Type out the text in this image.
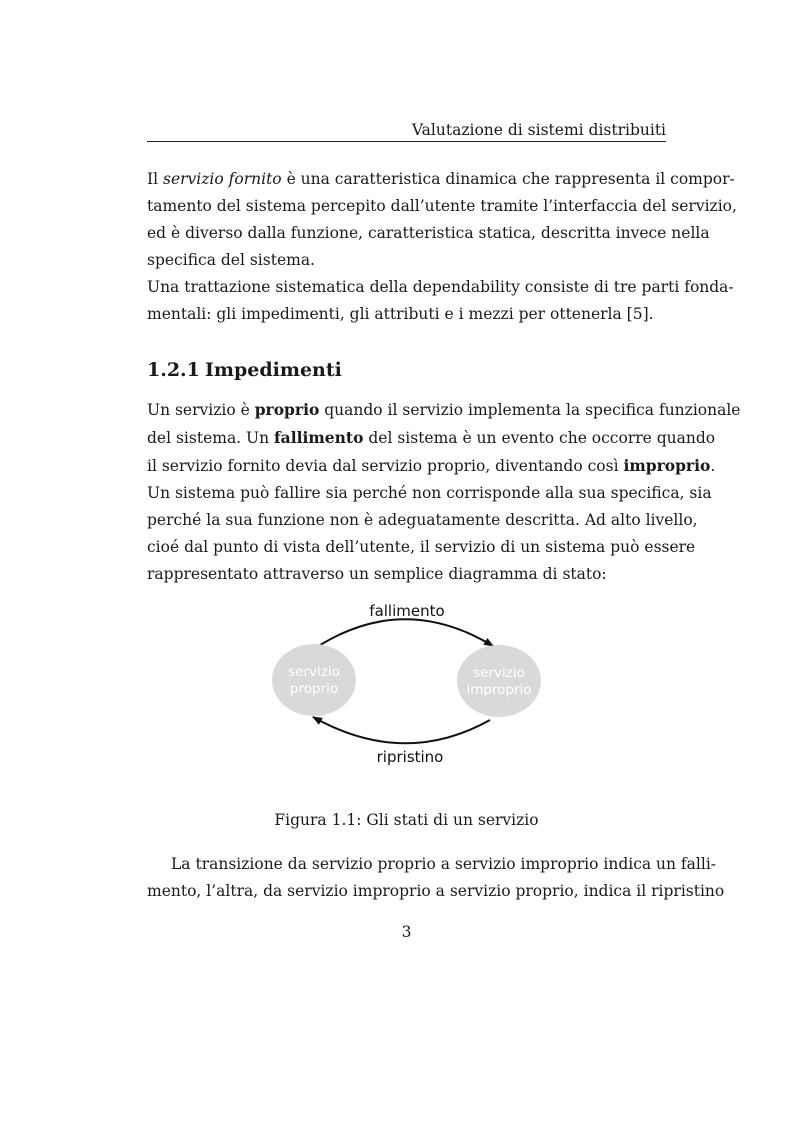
Valutazione di sistemi distribuiti
Il servizio fornito è una caratteristica dinamica che rappresenta il compor-
tamento del sistema percepito dall’utente tramite l’interfaccia del servizio,
ed è diverso dalla funzione, caratteristica statica, descritta invece nella
specifica del sistema.
Una trattazione sistematica della dependability consiste di tre parti fonda-
mentali: gli impedimenti, gli attributi e i mezzi per ottenerla [5].
1.2.1 Impedimenti
Un servizio è proprio quando il servizio implementa la specifica funzionale
del sistema. Un fallimento del sistema è un evento che occorre quando
il servizio fornito devia dal servizio proprio, diventando così improprio.
Un sistema può fallire sia perché non corrisponde alla sua specifica, sia
perché la sua funzione non è adeguatamente descritta. Ad alto livello,
cioé dal punto di vista dell’utente, il servizio di un sistema può essere
rappresentato attraverso un semplice diagramma di stato:
fallimento
servizio
proprio
servizio
improprio
ripristino
Figura 1.1: Gli stati di un servizio
La transizione da servizio proprio a servizio improprio indica un falli-
mento, l’altra, da servizio improprio a servizio proprio, indica il ripristino
3
